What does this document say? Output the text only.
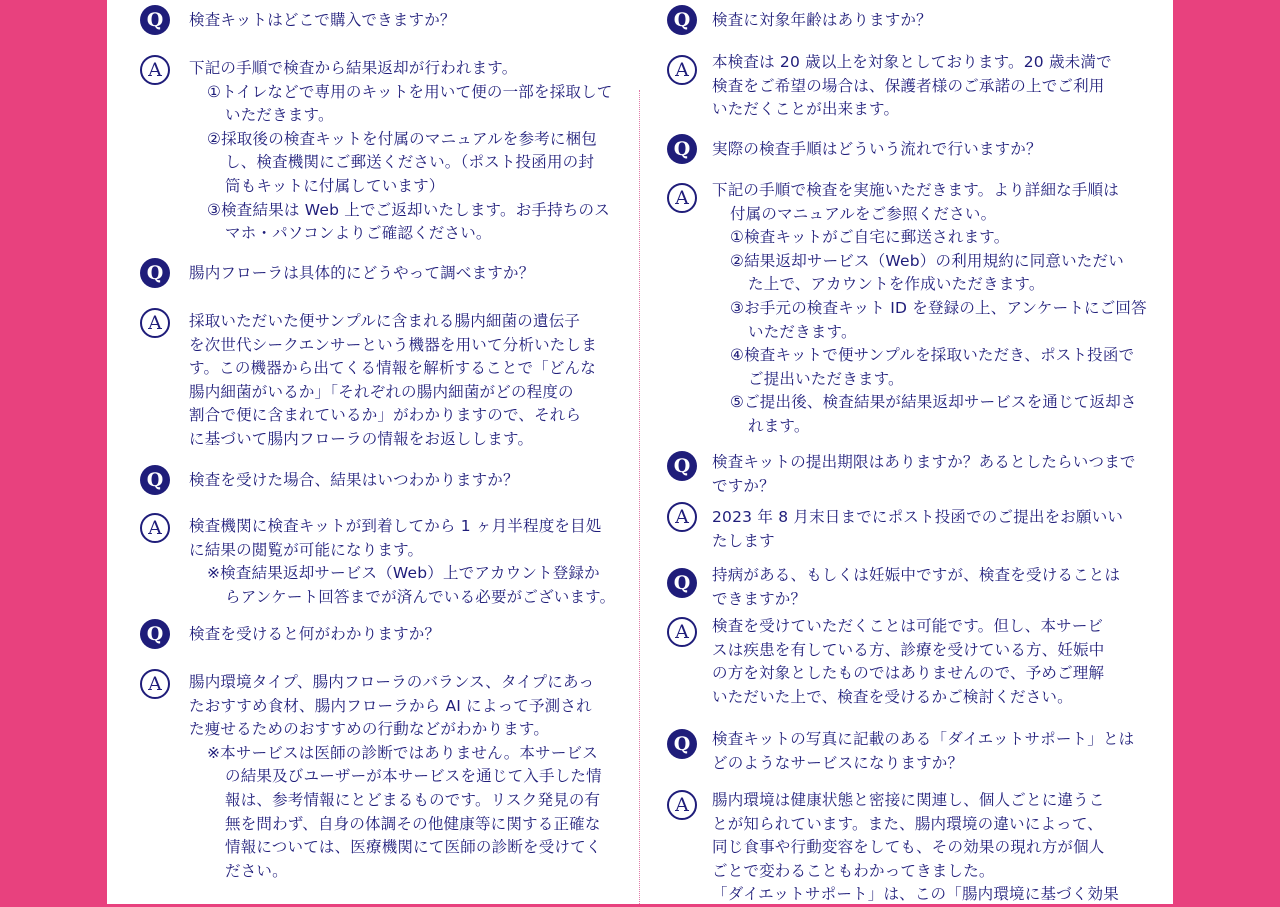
Q	検査キットはどこで購入できますか？
A	下記の手順で検査から結果返却が行われます。
①トイレなどで専用のキットを用いて便の一部を採取して
いただきます。
②採取後の検査キットを付属のマニュアルを参考に梱包
し、検査機関にご郵送ください。（ポスト投函用の封
筒もキットに付属しています）
③検査結果は Web 上でご返却いたします。お手持ちのス
マホ・パソコンよりご確認ください。
Q	腸内フローラは具体的にどうやって調べますか？
A	採取いただいた便サンプルに含まれる腸内細菌の遺伝子
を次世代シークエンサーという機器を用いて分析いたしま
す。この機器から出てくる情報を解析することで「どんな
腸内細菌がいるか」「それぞれの腸内細菌がどの程度の
割合で便に含まれているか」がわかりますので、それら
に基づいて腸内フローラの情報をお返しします。
Q	検査を受けた場合、結果はいつわかりますか？
A	検査機関に検査キットが到着してから 1 ヶ月半程度を目処
に結果の閲覧が可能になります。
※検査結果返却サービス（Web）上でアカウント登録か
らアンケート回答までが済んでいる必要がございます。
Q	検査を受けると何がわかりますか？
A	腸内環境タイプ、腸内フローラのバランス、タイプにあっ
たおすすめ食材、腸内フローラから AI によって予測され
た痩せるためのおすすめの行動などがわかります。
※本サービスは医師の診断ではありません。本サービス
の結果及びユーザーが本サービスを通じて入手した情
報は、参考情報にとどまるものです。リスク発見の有
無を問わず、自身の体調その他健康等に関する正確な
情報については、医療機関にて医師の診断を受けてく
ださい。
Q	検査に対象年齢はありますか？
A	本検査は 20 歳以上を対象としております。20 歳未満で
検査をご希望の場合は、保護者様のご承諾の上でご利用
いただくことが出来ます。
Q	実際の検査手順はどういう流れで行いますか？
A	下記の手順で検査を実施いただきます。より詳細な手順は
付属のマニュアルをご参照ください。
①検査キットがご自宅に郵送されます。
②結果返却サービス（Web）の利用規約に同意いただい
た上で、アカウントを作成いただきます。
③お手元の検査キット ID を登録の上、アンケートにご回答
いただきます。
④検査キットで便サンプルを採取いただき、ポスト投函で
ご提出いただきます。
⑤ご提出後、検査結果が結果返却サービスを通じて返却さ
れます。
Q	検査キットの提出期限はありますか？あるとしたらいつまで
ですか？
A	2023 年 8 月末日までにポスト投函でのご提出をお願いい
たします
Q	持病がある、もしくは妊娠中ですが、検査を受けることは
できますか？
A	検査を受けていただくことは可能です。但し、本サービ
スは疾患を有している方、診療を受けている方、妊娠中
の方を対象としたものではありませんので、予めご理解
いただいた上で、検査を受けるかご検討ください。
Q	検査キットの写真に記載のある「ダイエットサポート」とは
どのようなサービスになりますか？
A	腸内環境は健康状態と密接に関連し、個人ごとに違うこ
とが知られています。また、腸内環境の違いによって、
同じ食事や行動変容をしても、その効果の現れ方が個人
ごとで変わることもわかってきました。
「ダイエットサポート」は、この「腸内環境に基づく効果
